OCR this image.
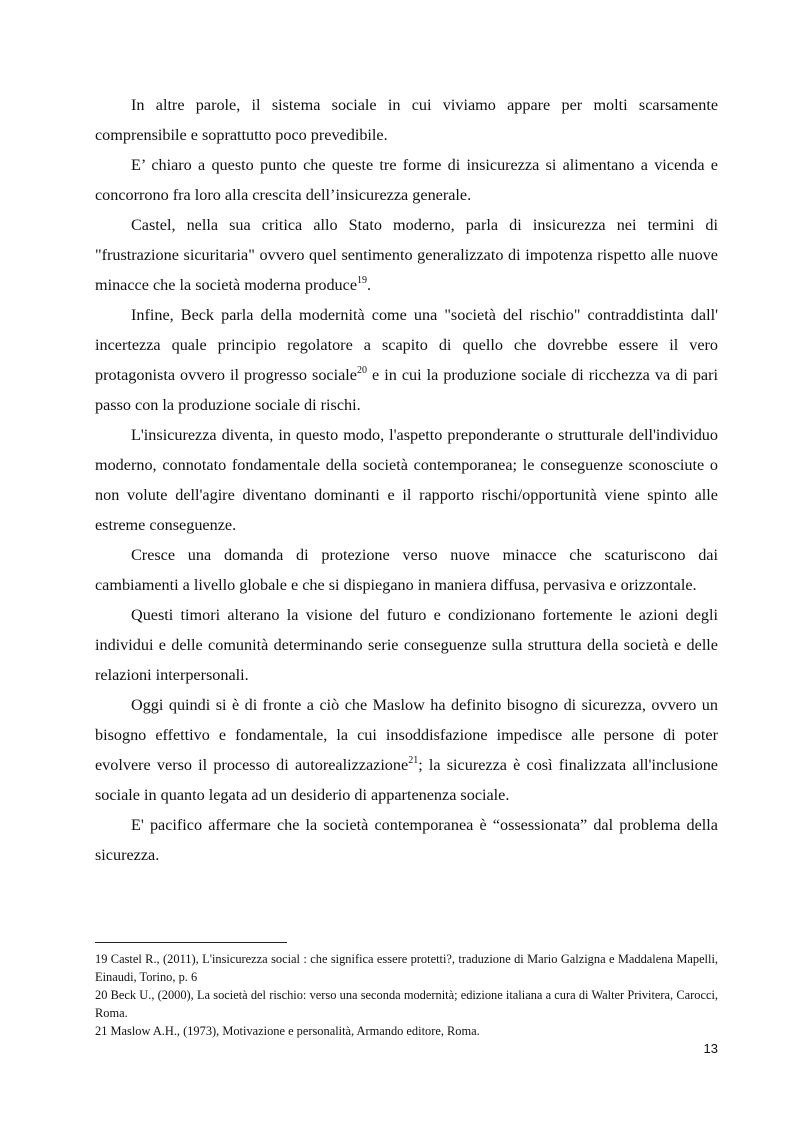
In altre parole, il sistema sociale in cui viviamo appare per molti scarsamente comprensibile e soprattutto poco prevedibile.

E’ chiaro a questo punto che queste tre forme di insicurezza si alimentano a vicenda e concorrono fra loro alla crescita dell’insicurezza generale.

Castel, nella sua critica allo Stato moderno, parla di insicurezza nei termini di "frustrazione sicuritaria" ovvero quel sentimento generalizzato di impotenza rispetto alle nuove minacce che la società moderna produce$^{19}$.

Infine, Beck parla della modernità come una "società del rischio" contraddistinta dall' incertezza quale principio regolatore a scapito di quello che dovrebbe essere il vero protagonista ovvero il progresso sociale$^{20}$ e in cui la produzione sociale di ricchezza va di pari passo con la produzione sociale di rischi.

L'insicurezza diventa, in questo modo, l'aspetto preponderante o strutturale dell'individuo moderno, connotato fondamentale della società contemporanea; le conseguenze sconosciute o non volute dell'agire diventano dominanti e il rapporto rischi/opportunità viene spinto alle estreme conseguenze.

Cresce una domanda di protezione verso nuove minacce che scaturiscono dai cambiamenti a livello globale e che si dispiegano in maniera diffusa, pervasiva e orizzontale.

Questi timori alterano la visione del futuro e condizionano fortemente le azioni degli individui e delle comunità determinando serie conseguenze sulla struttura della società e delle relazioni interpersonali.

Oggi quindi si è di fronte a ciò che Maslow ha definito bisogno di sicurezza, ovvero un bisogno effettivo e fondamentale, la cui insoddisfazione impedisce alle persone di poter evolvere verso il processo di autorealizzazione$^{21}$; la sicurezza è così finalizzata all'inclusione sociale in quanto legata ad un desiderio di appartenenza sociale.

E' pacifico affermare che la società contemporanea è “ossessionata” dal problema della sicurezza.

19 Castel R., (2011), L'insicurezza social : che significa essere protetti?, traduzione di Mario Galzigna e Maddalena Mapelli, Einaudi, Torino, p. 6

20 Beck U., (2000), La società del rischio: verso una seconda modernità; edizione italiana a cura di Walter Privitera, Carocci, Roma.

21 Maslow A.H., (1973), Motivazione e personalità, Armando editore, Roma.

13
